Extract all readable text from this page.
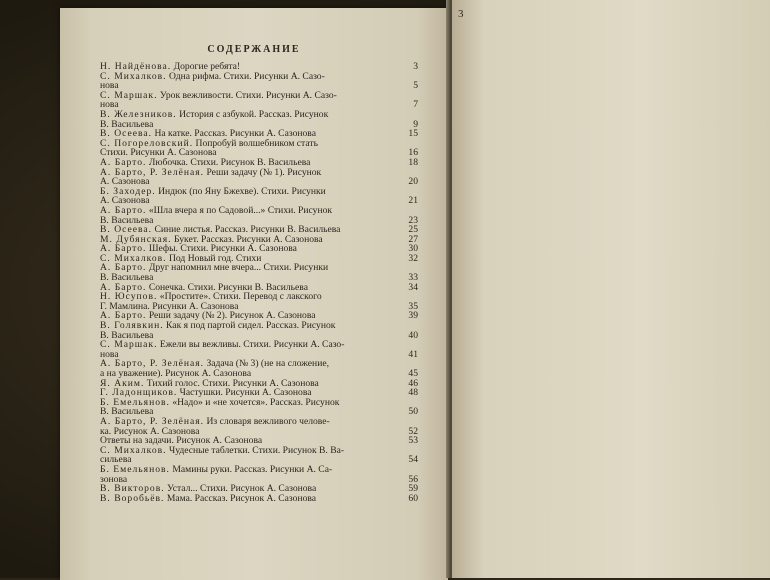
3
СОДЕРЖАНИЕ
Н. Найдёнова. Дорогие ребята!	3
С. Михалков. Одна рифма. Стихи. Рисунки А. Сазо-
нова	5
С. Маршак. Урок вежливости. Стихи. Рисунки А. Сазо-
нова	7
В. Железников. История с азбукой. Рассказ. Рисунок
В. Васильева	9
В. Осеева. На катке. Рассказ. Рисунки А. Сазонова	15
С. Погореловский. Попробуй волшебником стать
Стихи. Рисунки А. Сазонова	16
А. Барто. Любочка. Стихи. Рисунок В. Васильева	18
А. Барто, Р. Зелёная. Реши задачу (№ 1). Рисунок
А. Сазонова	20
Б. Заходер. Индюк (по Яну Бжехве). Стихи. Рисунки
А. Сазонова	21
А. Барто. «Шла вчера я по Садовой...» Стихи. Рисунок
В. Васильева	23
В. Осеева. Синие листья. Рассказ. Рисунки В. Васильева	25
М. Дубянская. Букет. Рассказ. Рисунки А. Сазонова	27
А. Барто. Шефы. Стихи. Рисунки А. Сазонова	30
С. Михалков. Под Новый год. Стихи	32
А. Барто. Друг напомнил мне вчера... Стихи. Рисунки
В. Васильева	33
А. Барто. Сонечка. Стихи. Рисунки В. Васильева	34
Н. Юсупов. «Простите». Стихи. Перевод с лакского
Г. Мамлина. Рисунки А. Сазонова	35
А. Барто. Реши задачу (№ 2). Рисунок А. Сазонова	39
В. Голявкин. Как я под партой сидел. Рассказ. Рисунок
В. Васильева	40
С. Маршак. Ежели вы вежливы. Стихи. Рисунки А. Сазо-
нова	41
А. Барто, Р. Зелёная. Задача (№ 3) (не на сложение,
а на уважение). Рисунок А. Сазонова	45
Я. Аким. Тихий голос. Стихи. Рисунки А. Сазонова	46
Г. Ладонщиков. Частушки. Рисунки А. Сазонова	48
Б. Емельянов. «Надо» и «не хочется». Рассказ. Рисунок
В. Васильева	50
А. Барто, Р. Зелёная. Из словаря вежливого челове-
ка. Рисунок А. Сазонова	52
Ответы на задачи. Рисунок А. Сазонова	53
С. Михалков. Чудесные таблетки. Стихи. Рисунок В. Ва-
сильева	54
Б. Емельянов. Мамины руки. Рассказ. Рисунки А. Са-
зонова	56
В. Викторов. Устал... Стихи. Рисунок А. Сазонова	59
В. Воробьёв. Мама. Рассказ. Рисунок А. Сазонова	60
